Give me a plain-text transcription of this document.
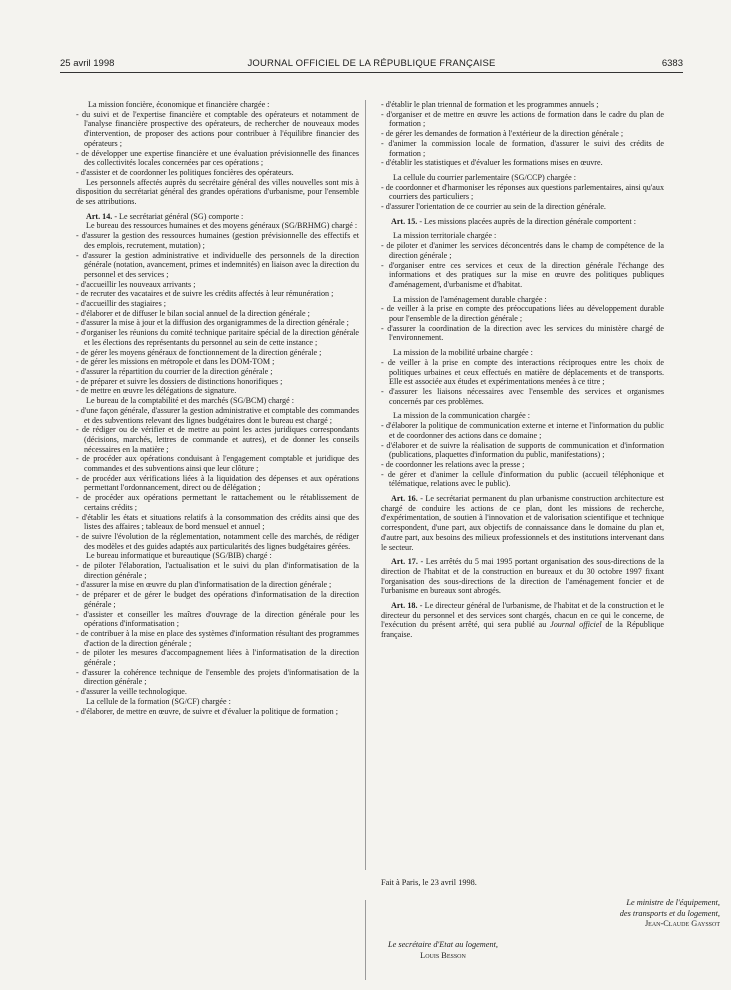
25 avril 1998	JOURNAL OFFICIEL DE LA RÉPUBLIQUE FRANÇAISE	6383

La mission foncière, économique et financière chargée :

- du suivi et de l'expertise financière et comptable des opérateurs et notamment de l'analyse financière prospective des opérateurs, de rechercher de nouveaux modes d'intervention, de proposer des actions pour contribuer à l'équilibre financier des opérateurs ;
- de développer une expertise financière et une évaluation prévisionnelle des finances des collectivités locales concernées par ces opérations ;
- d'assister et de coordonner les politiques foncières des opérateurs.

Les personnels affectés auprès du secrétaire général des villes nouvelles sont mis à disposition du secrétariat général des grandes opérations d'urbanisme, pour l'ensemble de ses attributions.

Art. 14. - Le secrétariat général (SG) comporte :

Le bureau des ressources humaines et des moyens généraux (SG/BRHMG) chargé :

- d'assurer la gestion des ressources humaines (gestion prévisionnelle des effectifs et des emplois, recrutement, mutation) ;
- d'assurer la gestion administrative et individuelle des personnels de la direction générale (notation, avancement, primes et indemnités) en liaison avec la direction du personnel et des services ;
- d'accueillir les nouveaux arrivants ;
- de recruter des vacataires et de suivre les crédits affectés à leur rémunération ;
- d'accueillir des stagiaires ;
- d'élaborer et de diffuser le bilan social annuel de la direction générale ;
- d'assurer la mise à jour et la diffusion des organigrammes de la direction générale ;
- d'organiser les réunions du comité technique paritaire spécial de la direction générale et les élections des représentants du personnel au sein de cette instance ;
- de gérer les moyens généraux de fonctionnement de la direction générale ;
- de gérer les missions en métropole et dans les DOM-TOM ;
- d'assurer la répartition du courrier de la direction générale ;
- de préparer et suivre les dossiers de distinctions honorifiques ;
- de mettre en œuvre les délégations de signature.

Le bureau de la comptabilité et des marchés (SG/BCM) chargé :

- d'une façon générale, d'assurer la gestion administrative et comptable des commandes et des subventions relevant des lignes budgétaires dont le bureau est chargé ;
- de rédiger ou de vérifier et de mettre au point les actes juridiques correspondants (décisions, marchés, lettres de commande et autres), et de donner les conseils nécessaires en la matière ;
- de procéder aux opérations conduisant à l'engagement comptable et juridique des commandes et des subventions ainsi que leur clôture ;
- de procéder aux vérifications liées à la liquidation des dépenses et aux opérations permettant l'ordonnancement, direct ou de délégation ;
- de procéder aux opérations permettant le rattachement ou le rétablissement de certains crédits ;
- d'établir les états et situations relatifs à la consommation des crédits ainsi que des listes des affaires ; tableaux de bord mensuel et annuel ;
- de suivre l'évolution de la réglementation, notamment celle des marchés, de rédiger des modèles et des guides adaptés aux particularités des lignes budgétaires gérées.

Le bureau informatique et bureautique (SG/BIB) chargé :

- de piloter l'élaboration, l'actualisation et le suivi du plan d'informatisation de la direction générale ;
- d'assurer la mise en œuvre du plan d'informatisation de la direction générale ;
- de préparer et de gérer le budget des opérations d'informatisation de la direction générale ;
- d'assister et conseiller les maîtres d'ouvrage de la direction générale pour les opérations d'informatisation ;
- de contribuer à la mise en place des systèmes d'information résultant des programmes d'action de la direction générale ;
- de piloter les mesures d'accompagnement liées à l'informatisation de la direction générale ;
- d'assurer la cohérence technique de l'ensemble des projets d'informatisation de la direction générale ;
- d'assurer la veille technologique.

La cellule de la formation (SG/CF) chargée :

- d'élaborer, de mettre en œuvre, de suivre et d'évaluer la politique de formation ;
- d'établir le plan triennal de formation et les programmes annuels ;
- d'organiser et de mettre en œuvre les actions de formation dans le cadre du plan de formation ;
- de gérer les demandes de formation à l'extérieur de la direction générale ;
- d'animer la commission locale de formation, d'assurer le suivi des crédits de formation ;
- d'établir les statistiques et d'évaluer les formations mises en œuvre.

La cellule du courrier parlementaire (SG/CCP) chargée :

- de coordonner et d'harmoniser les réponses aux questions parlementaires, ainsi qu'aux courriers des particuliers ;
- d'assurer l'orientation de ce courrier au sein de la direction générale.

Art. 15. - Les missions placées auprès de la direction générale comportent :

La mission territoriale chargée :

- de piloter et d'animer les services déconcentrés dans le champ de compétence de la direction générale ;
- d'organiser entre ces services et ceux de la direction générale l'échange des informations et des pratiques sur la mise en œuvre des politiques publiques d'aménagement, d'urbanisme et d'habitat.

La mission de l'aménagement durable chargée :

- de veiller à la prise en compte des préoccupations liées au développement durable pour l'ensemble de la direction générale ;
- d'assurer la coordination de la direction avec les services du ministère chargé de l'environnement.

La mission de la mobilité urbaine chargée :

- de veiller à la prise en compte des interactions réciproques entre les choix de politiques urbaines et ceux effectués en matière de déplacements et de transports. Elle est associée aux études et expérimentations menées à ce titre ;
- d'assurer les liaisons nécessaires avec l'ensemble des services et organismes concernés par ces problèmes.

La mission de la communication chargée :

- d'élaborer la politique de communication externe et interne et l'information du public et de coordonner des actions dans ce domaine ;
- d'élaborer et de suivre la réalisation de supports de communication et d'information (publications, plaquettes d'information du public, manifestations) ;
- de coordonner les relations avec la presse ;
- de gérer et d'animer la cellule d'information du public (accueil téléphonique et télématique, relations avec le public).

Art. 16. - Le secrétariat permanent du plan urbanisme construction architecture est chargé de conduire les actions de ce plan, dont les missions de recherche, d'expérimentation, de soutien à l'innovation et de valorisation scientifique et technique correspondent, d'une part, aux objectifs de connaissance dans le domaine du plan et, d'autre part, aux besoins des milieux professionnels et des institutions intervenant dans le secteur.

Art. 17. - Les arrêtés du 5 mai 1995 portant organisation des sous-directions de la direction de l'habitat et de la construction en bureaux et du 30 octobre 1997 fixant l'organisation des sous-directions de la direction de l'aménagement foncier et de l'urbanisme en bureaux sont abrogés.

Art. 18. - Le directeur général de l'urbanisme, de l'habitat et de la construction et le directeur du personnel et des services sont chargés, chacun en ce qui le concerne, de l'exécution du présent arrêté, qui sera publié au Journal officiel de la République française.

Fait à Paris, le 23 avril 1998.
Le ministre de l'équipement,
des transports et du logement,
Jean-Claude Gayssot
Le secrétaire d'Etat au logement,
Louis Besson
